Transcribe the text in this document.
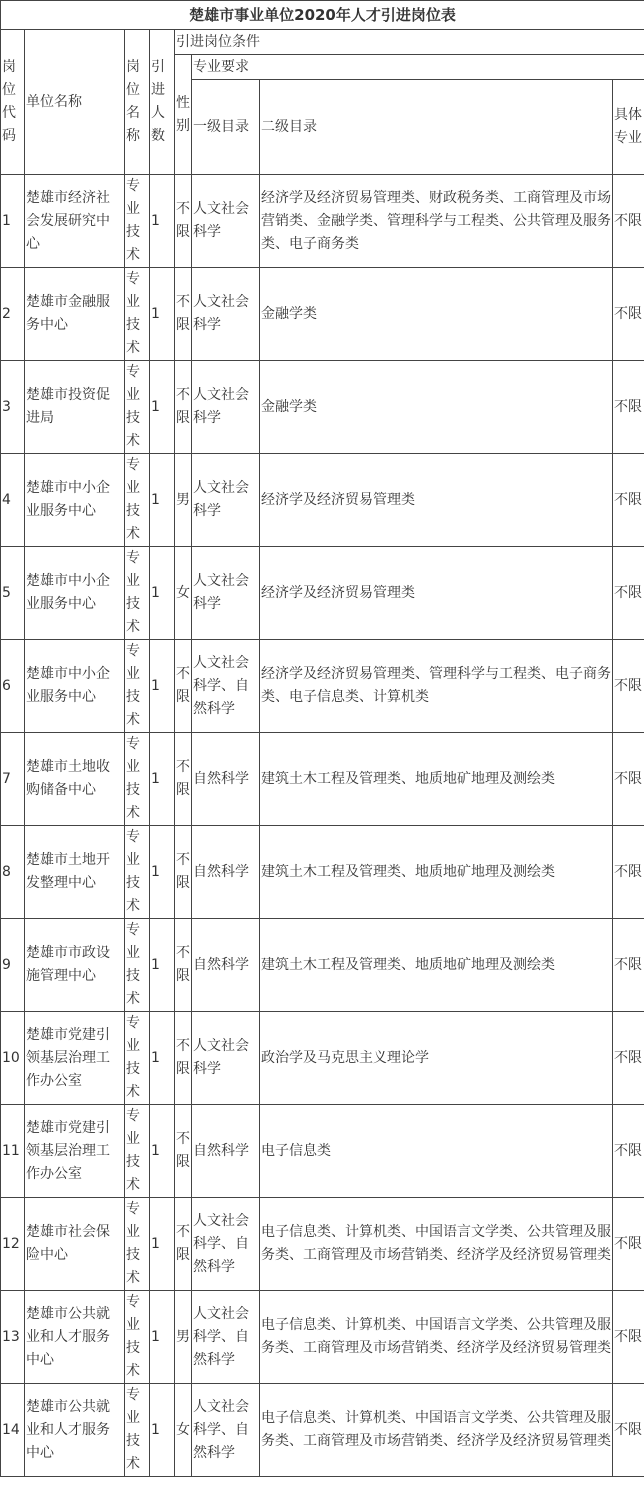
楚雄市事业单位2020年人才引进岗位表							
岗位代码	单位名称	岗位名称	引进人数	引进岗位条件			
				性别	专业要求		
					一级目录	二级目录	具体专业
1	楚雄市经济社会发展研究中心	专业技术	1	不限	人文社会科学	经济学及经济贸易管理类、财政税务类、工商管理及市场营销类、金融学类、管理科学与工程类、公共管理及服务类、电子商务类	不限
2	楚雄市金融服务中心	专业技术	1	不限	人文社会科学	金融学类	不限
3	楚雄市投资促进局	专业技术	1	不限	人文社会科学	金融学类	不限
4	楚雄市中小企业服务中心	专业技术	1	男	人文社会科学	经济学及经济贸易管理类	不限
5	楚雄市中小企业服务中心	专业技术	1	女	人文社会科学	经济学及经济贸易管理类	不限
6	楚雄市中小企业服务中心	专业技术	1	不限	人文社会科学、自然科学	经济学及经济贸易管理类、管理科学与工程类、电子商务类、电子信息类、计算机类	不限
7	楚雄市土地收购储备中心	专业技术	1	不限	自然科学	建筑土木工程及管理类、地质地矿地理及测绘类	不限
8	楚雄市土地开发整理中心	专业技术	1	不限	自然科学	建筑土木工程及管理类、地质地矿地理及测绘类	不限
9	楚雄市市政设施管理中心	专业技术	1	不限	自然科学	建筑土木工程及管理类、地质地矿地理及测绘类	不限
10	楚雄市党建引领基层治理工作办公室	专业技术	1	不限	人文社会科学	政治学及马克思主义理论学	不限
11	楚雄市党建引领基层治理工作办公室	专业技术	1	不限	自然科学	电子信息类	不限
12	楚雄市社会保险中心	专业技术	1	不限	人文社会科学、自然科学	电子信息类、计算机类、中国语言文学类、公共管理及服务类、工商管理及市场营销类、经济学及经济贸易管理类	不限
13	楚雄市公共就业和人才服务中心	专业技术	1	男	人文社会科学、自然科学	电子信息类、计算机类、中国语言文学类、公共管理及服务类、工商管理及市场营销类、经济学及经济贸易管理类	不限
14	楚雄市公共就业和人才服务中心	专业技术	1	女	人文社会科学、自然科学	电子信息类、计算机类、中国语言文学类、公共管理及服务类、工商管理及市场营销类、经济学及经济贸易管理类	不限
